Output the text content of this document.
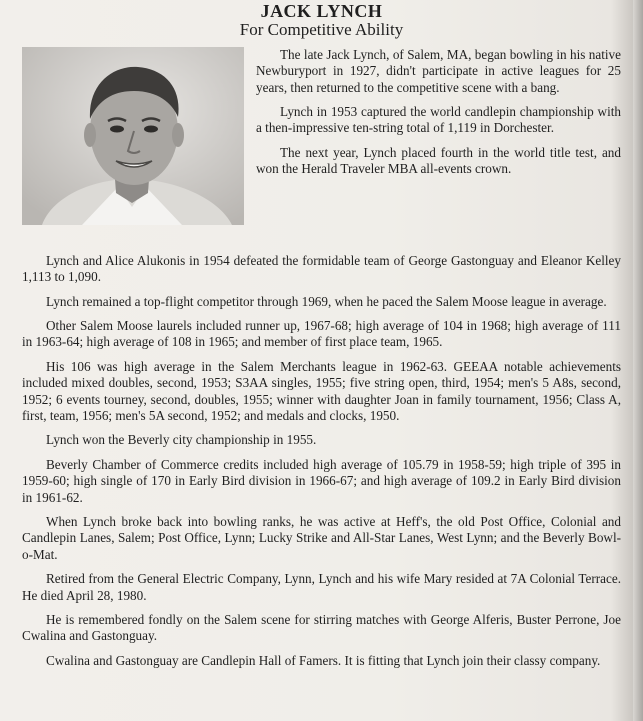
JACK LYNCH
For Competitive Ability

The late Jack Lynch, of Salem, MA, began bowling in his native Newburyport in 1927, didn't participate in active leagues for 25 years, then returned to the competitive scene with a bang.

Lynch in 1953 captured the world candlepin championship with a then-impressive ten-string total of 1,119 in Dorchester.

The next year, Lynch placed fourth in the world title test, and won the Herald Traveler MBA all-events crown.

Lynch and Alice Alukonis in 1954 defeated the formidable team of George Gastonguay and Eleanor Kelley 1,113 to 1,090.

Lynch remained a top-flight competitor through 1969, when he paced the Salem Moose league in average.

Other Salem Moose laurels included runner up, 1967-68; high average of 104 in 1968; high average of 111 in 1963-64; high average of 108 in 1965; and member of first place team, 1965.

His 106 was high average in the Salem Merchants league in 1962-63. GEEAA notable achievements included mixed doubles, second, 1953; S3AA singles, 1955; five string open, third, 1954; men's 5 A8s, second, 1952; 6 events tourney, second, doubles, 1955; winner with daughter Joan in family tournament, 1956; Class A, first, team, 1956; men's 5A second, 1952; and medals and clocks, 1950.

Lynch won the Beverly city championship in 1955.

Beverly Chamber of Commerce credits included high average of 105.79 in 1958-59; high triple of 395 in 1959-60; high single of 170 in Early Bird division in 1966-67; and high average of 109.2 in Early Bird division in 1961-62.

When Lynch broke back into bowling ranks, he was active at Heff's, the old Post Office, Colonial and Candlepin Lanes, Salem; Post Office, Lynn; Lucky Strike and All-Star Lanes, West Lynn; and the Beverly Bowl-o-Mat.

Retired from the General Electric Company, Lynn, Lynch and his wife Mary resided at 7A Colonial Terrace. He died April 28, 1980.

He is remembered fondly on the Salem scene for stirring matches with George Alferis, Buster Perrone, Joe Cwalina and Gastonguay.

Cwalina and Gastonguay are Candlepin Hall of Famers. It is fitting that Lynch join their classy company.
